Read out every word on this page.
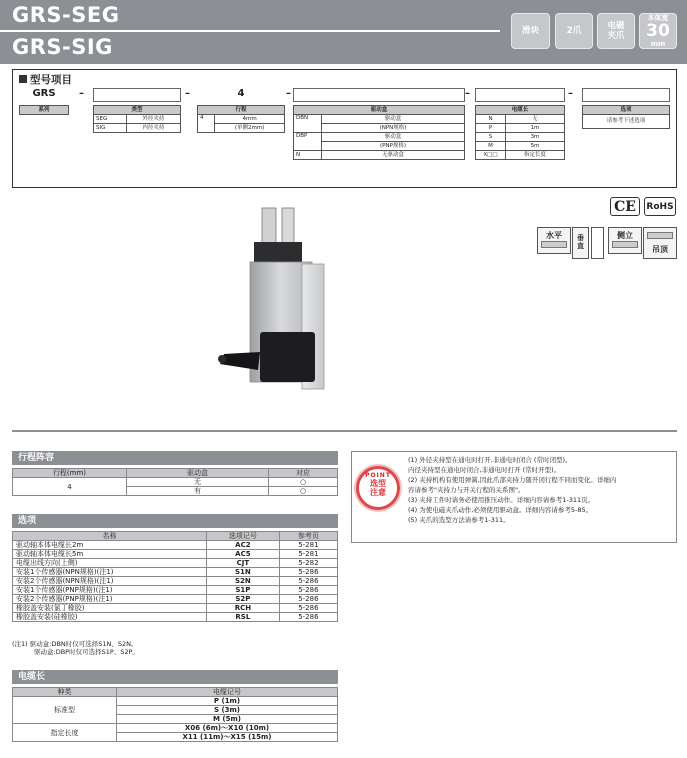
GRS-SEG
GRS-SIG
滑块	2爪	电磁
夹爪
本体宽
30
mm
型号项目
GRS	–	–	4	–	–	–
系列	类型	
SEG	外径夹持
SIG	内径夹持
行程
4	4mm
(单侧2mm)
驱动盒	
DBN	驱动盒
	(NPN规格)
DBP	驱动盒
	(PNP规格)
N	无驱动盒
电缆长	
N	无
P	1m
S	3m
M	5m
X□□	指定长度
选项
请参考下述选项
CE	RoHS
水平	垂
直
侧立
吊顶
行程阵容
行程(mm)	驱动盒	对应
4	无	○
	有	○
选项
名称	选项记号	参考页
驱动轴本体电缆长2m	AC2	5-281
驱动轴本体电缆长5m	AC5	5-281
电缆出线方向(上侧)	CJT	5-282
安装1个传感器(NPN规格)(注1)	S1N	5-286
安装2个传感器(NPN规格)(注1)	S2N	5-286
安装1个传感器(PNP规格)(注1)	S1P	5-286
安装2个传感器(PNP规格)(注1)	S2P	5-286
橡胶盖安装(氯丁橡胶)	RCH	5-286
橡胶盖安装(硅橡胶)	RSL	5-286
(注1) 驱动盒:DBN时仅可选择S1N、S2N。
驱动盒:DBP时仅可选择S1P、S2P。
电缆长
种类	电缆记号
标准型	P (1m)
	S (3m)
	M (5m)
指定长度	X06 (6m)～X10 (10m)
	X11 (11m)～X15 (15m)
POINT
选型
注意
(1) 外径夹持型在通电时打开,非通电时闭合 (常时闭型)。
内径夹持型在通电时闭合,非通电时打开 (常时开型)。
(2) 夹持机构有使用弹簧,因此爪部夹持力随开闭行程不同而变化。详细内
容请参考"夹持力与开关行程的关系图"。
(3) 夹持工件时请务必使用推压动作。详细内容请参考1-311页。
(4) 为使电磁夹爪动作,必须使用驱动盒。详细内容请参考5-85。
(5) 夹爪的选型方法请参考1-311。
